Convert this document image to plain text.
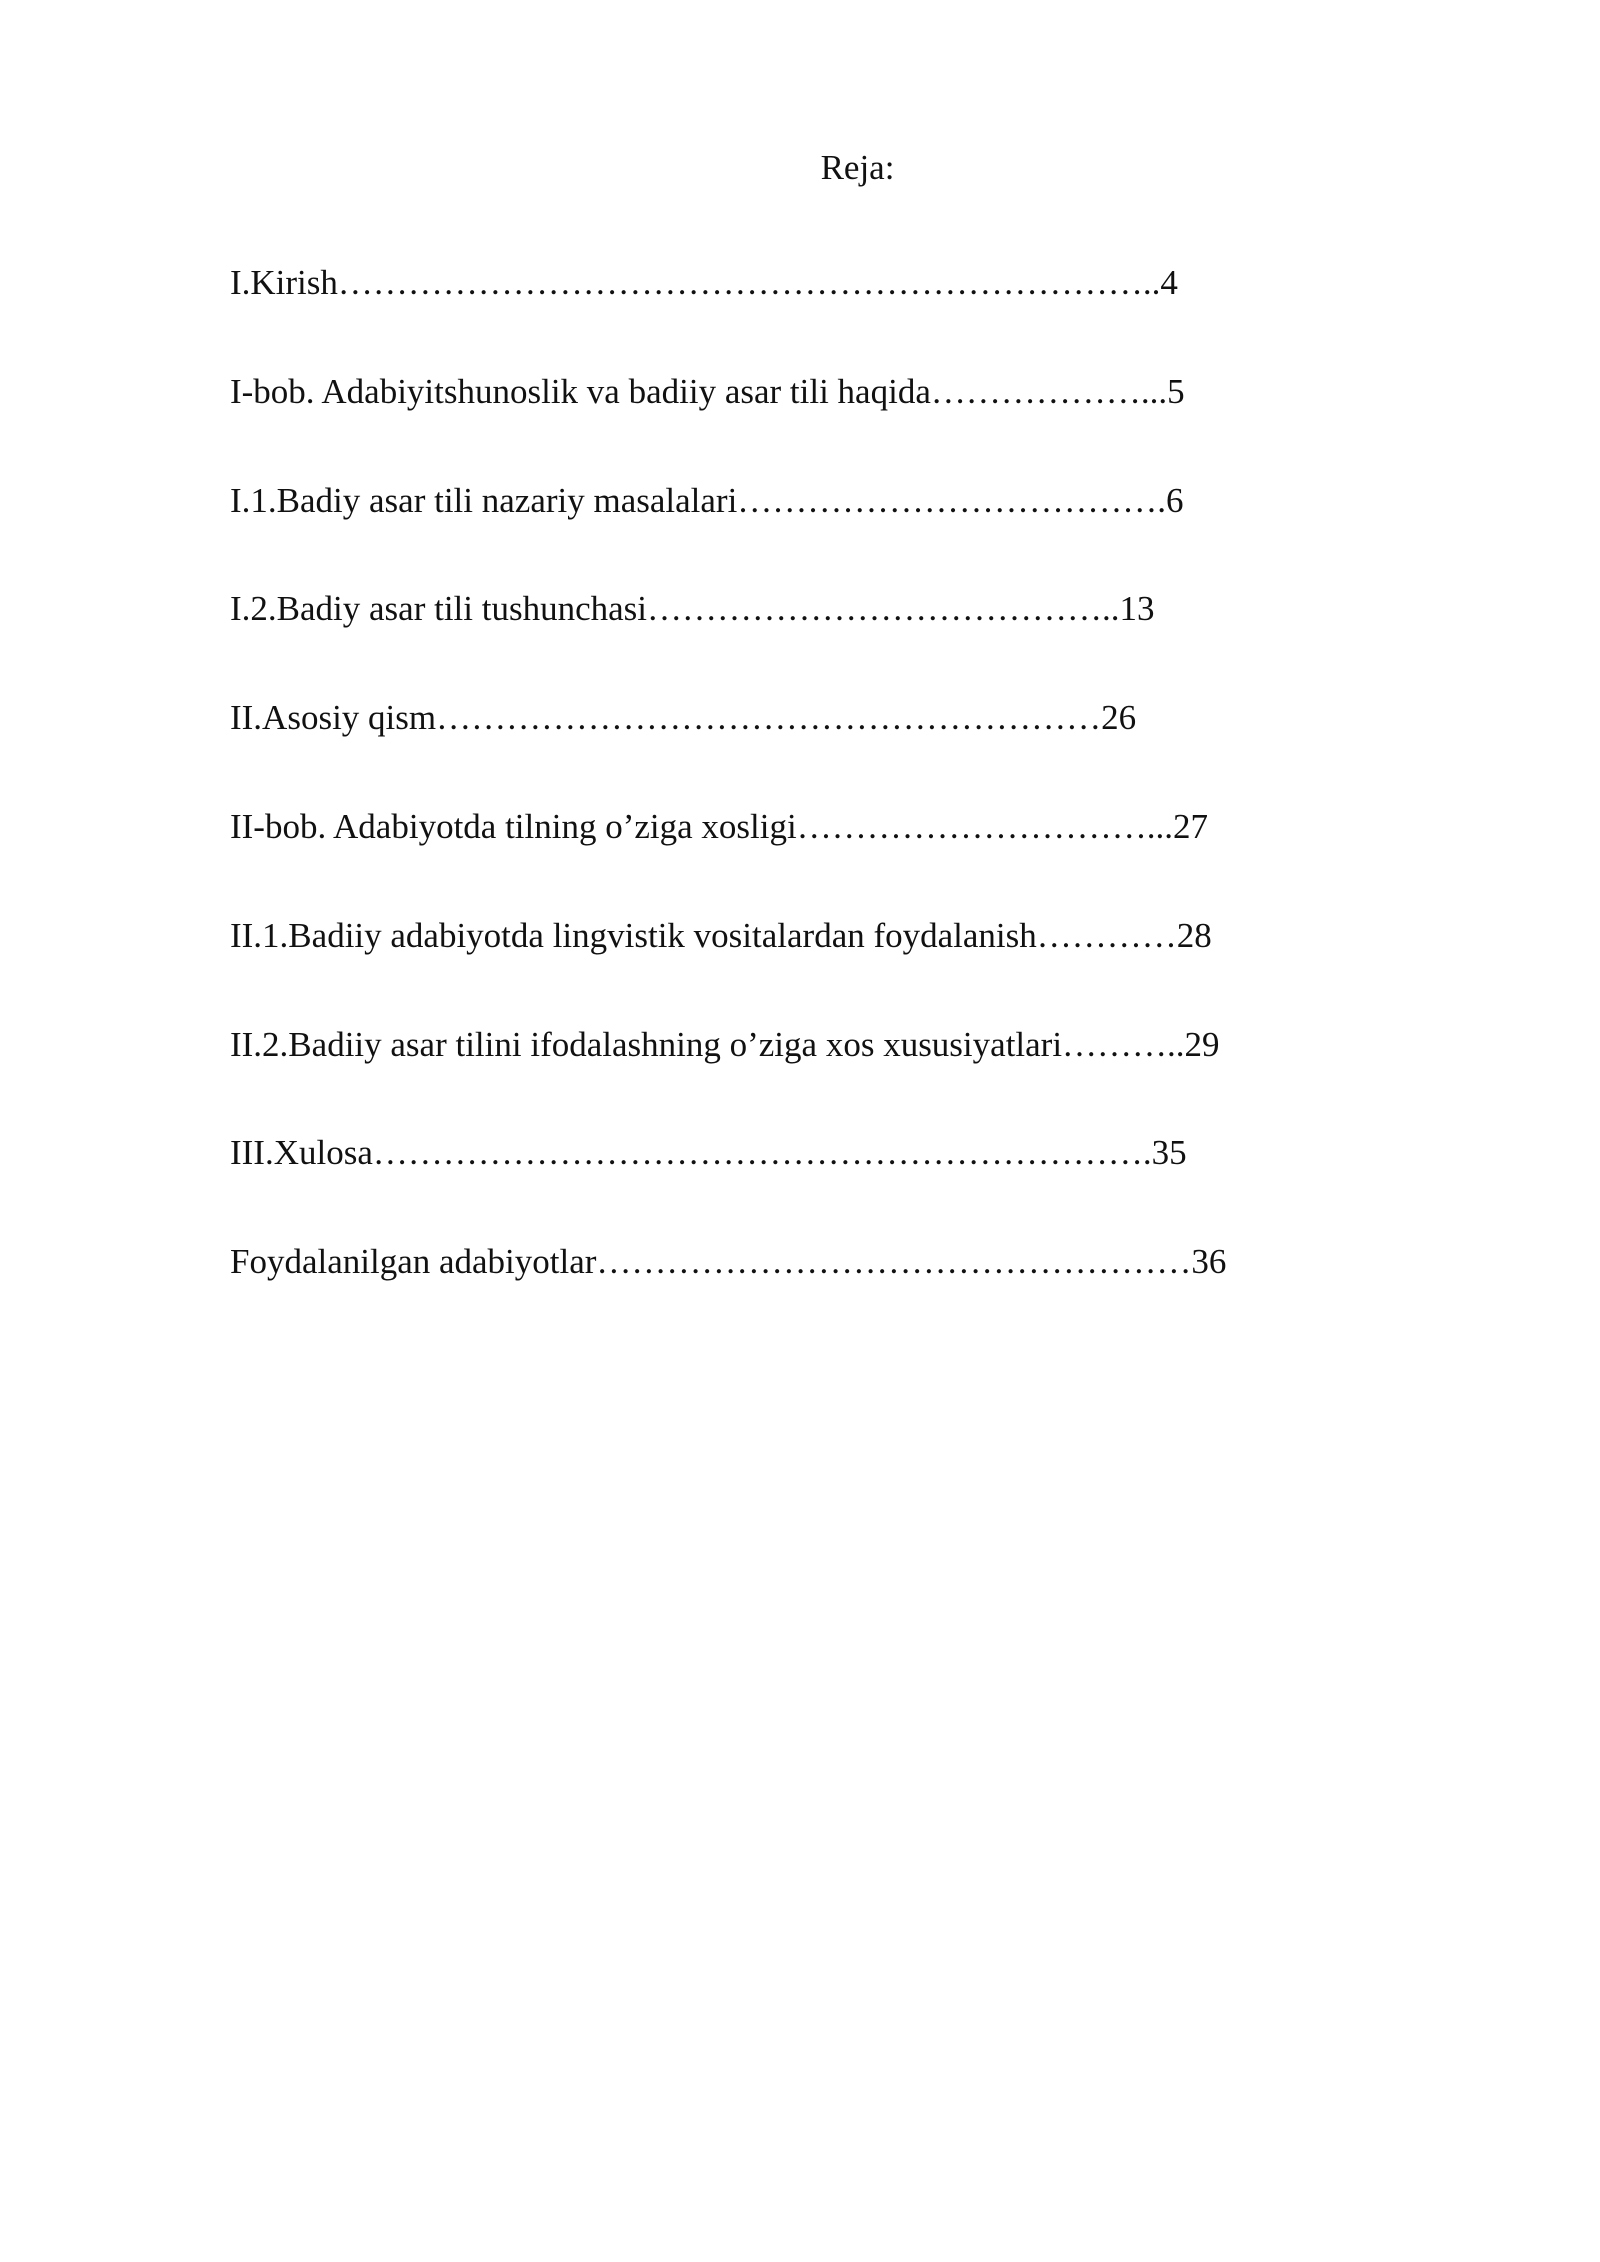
Reja:
I.Kirish……………………………………………………………..4
I-bob. Adabiyitshunoslik va badiiy asar tili haqida………………...5
I.1.Badiy asar tili nazariy masalalari……………………………….6
I.2.Badiy asar tili tushunchasi…………………………………..13
II.Asosiy qism…………………………………………………26
II-bob. Adabiyotda tilning o’ziga xosligi…………………………...27
II.1.Badiiy adabiyotda lingvistik vositalardan foydalanish…………28
II.2.Badiiy asar tilini ifodalashning o’ziga xos xususiyatlari………..29
III.Xulosa………………………………………………………….35
Foydalanilgan adabiyotlar……………………………………………36
